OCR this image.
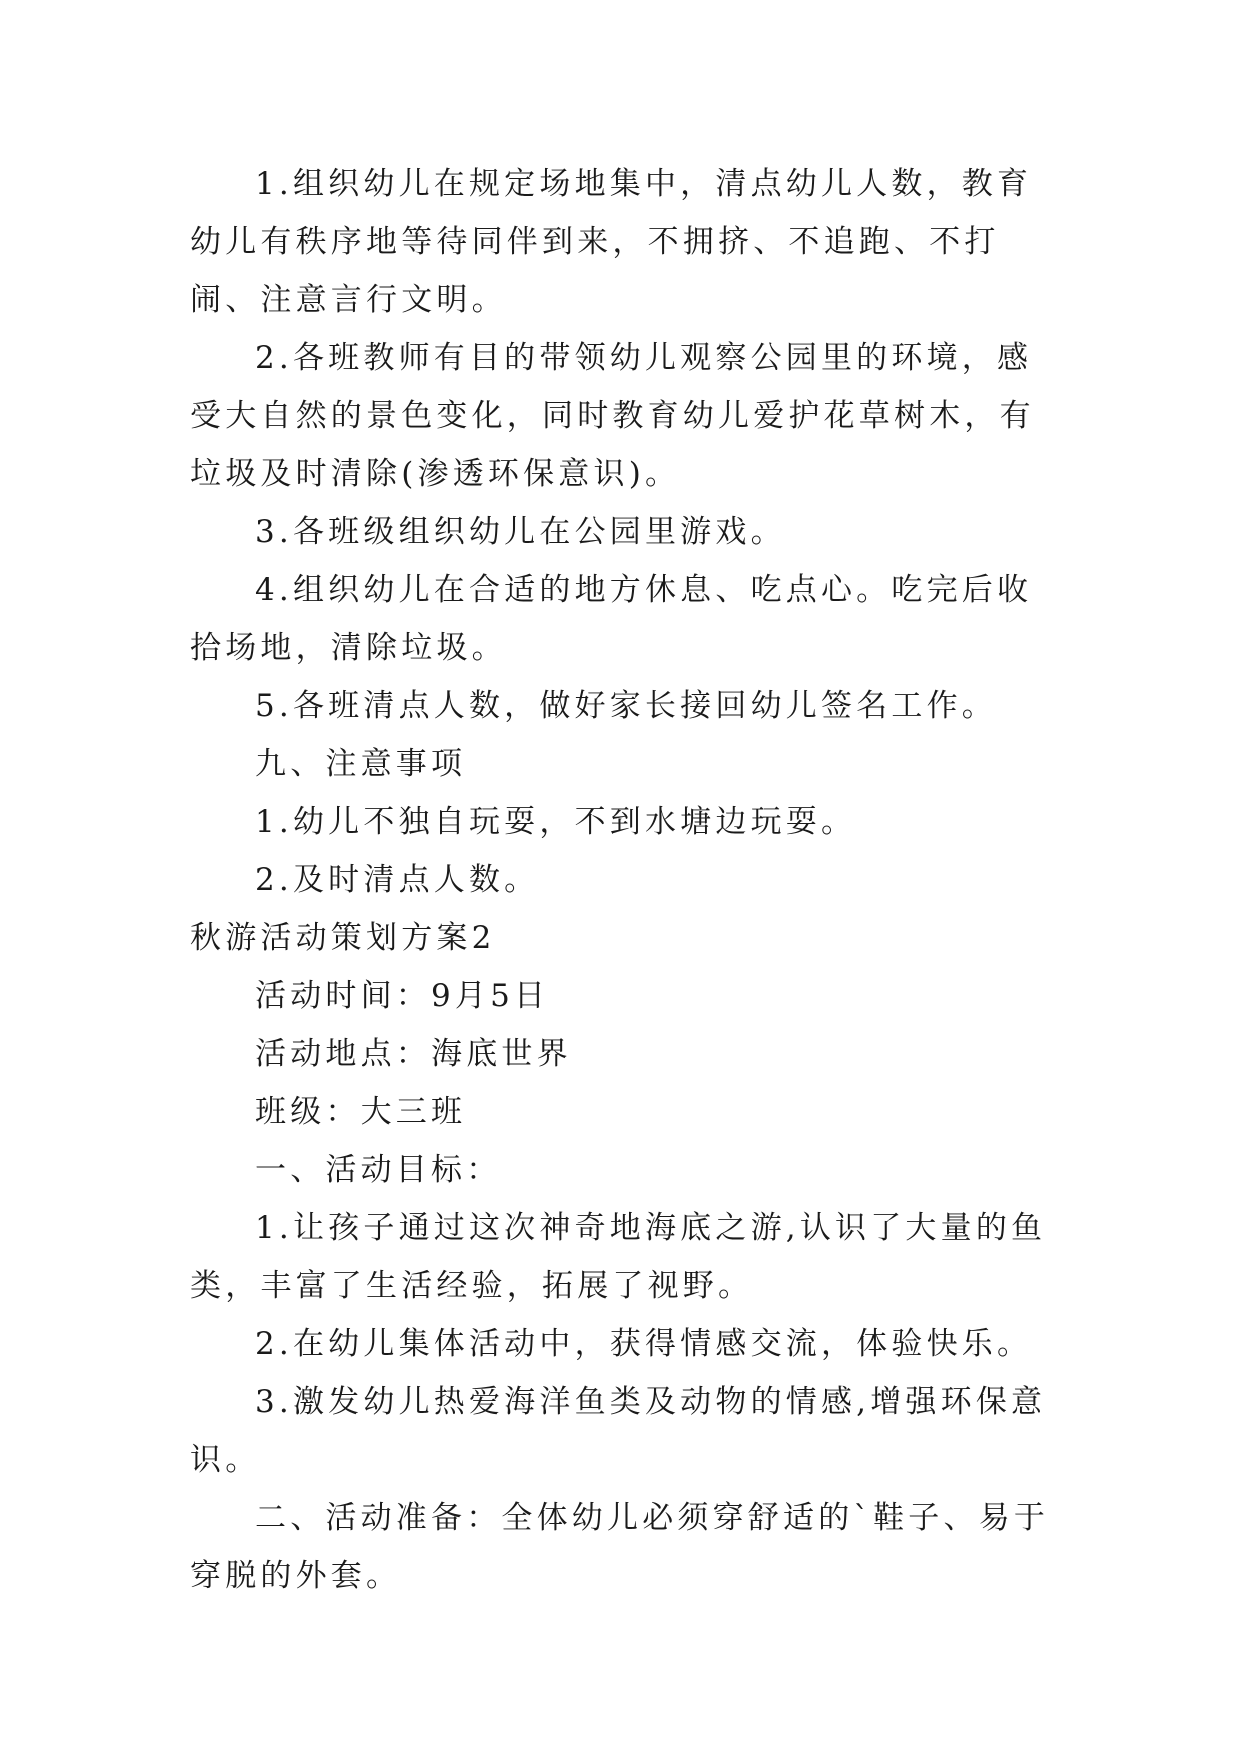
1.组织幼儿在规定场地集中，清点幼儿人数，教育幼儿有秩序地等待同伴到来，不拥挤、不追跑、不打闹、注意言行文明。

2.各班教师有目的带领幼儿观察公园里的环境，感受大自然的景色变化，同时教育幼儿爱护花草树木，有垃圾及时清除(渗透环保意识)。

3.各班级组织幼儿在公园里游戏。

4.组织幼儿在合适的地方休息、吃点心。吃完后收拾场地，清除垃圾。

5.各班清点人数，做好家长接回幼儿签名工作。

九、注意事项

1.幼儿不独自玩耍，不到水塘边玩耍。

2.及时清点人数。

秋游活动策划方案2

活动时间：9月5日

活动地点：海底世界

班级：大三班

一、活动目标：

1.让孩子通过这次神奇地海底之游,认识了大量的鱼类，丰富了生活经验，拓展了视野。

2.在幼儿集体活动中，获得情感交流，体验快乐。

3.激发幼儿热爱海洋鱼类及动物的情感,增强环保意识。

二、活动准备：全体幼儿必须穿舒适的`鞋子、易于穿脱的外套。
